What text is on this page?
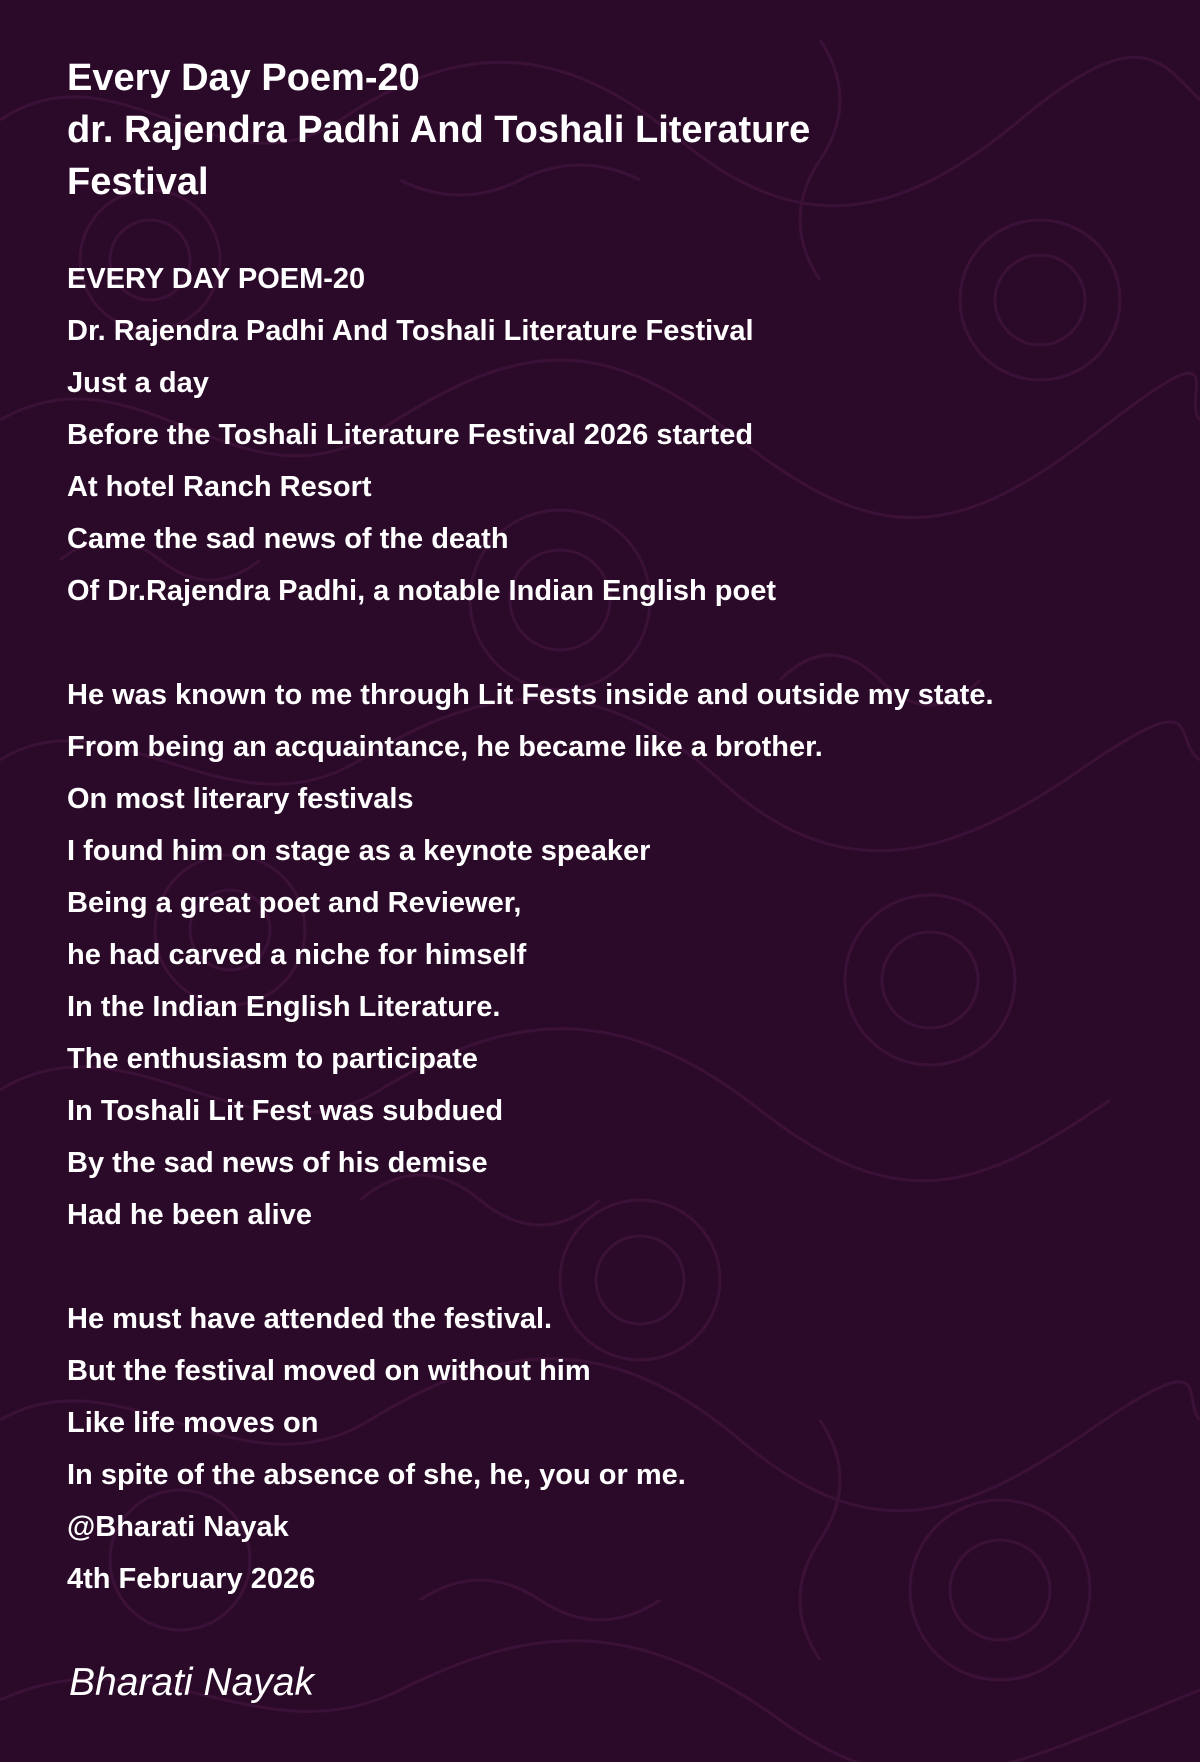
Every Day Poem-20
dr. Rajendra Padhi And Toshali Literature
Festival
EVERY DAY POEM-20
Dr. Rajendra Padhi And Toshali Literature Festival
Just a day
Before the Toshali Literature Festival 2026 started
At hotel Ranch Resort
Came the sad news of the death
Of Dr.Rajendra Padhi, a notable Indian English poet
He was known to me through Lit Fests inside and outside my state.
From being an acquaintance, he became like a brother.
On most literary festivals
I found him on stage as a keynote speaker
Being a great poet and Reviewer,
he had carved a niche for himself
In the Indian English Literature.
The enthusiasm to participate
In Toshali Lit Fest was subdued
By the sad news of his demise
Had he been alive
He must have attended the festival.
But the festival moved on without him
Like life moves on
In spite of the absence of she, he, you or me.
@Bharati Nayak
4th February 2026

Bharati Nayak
